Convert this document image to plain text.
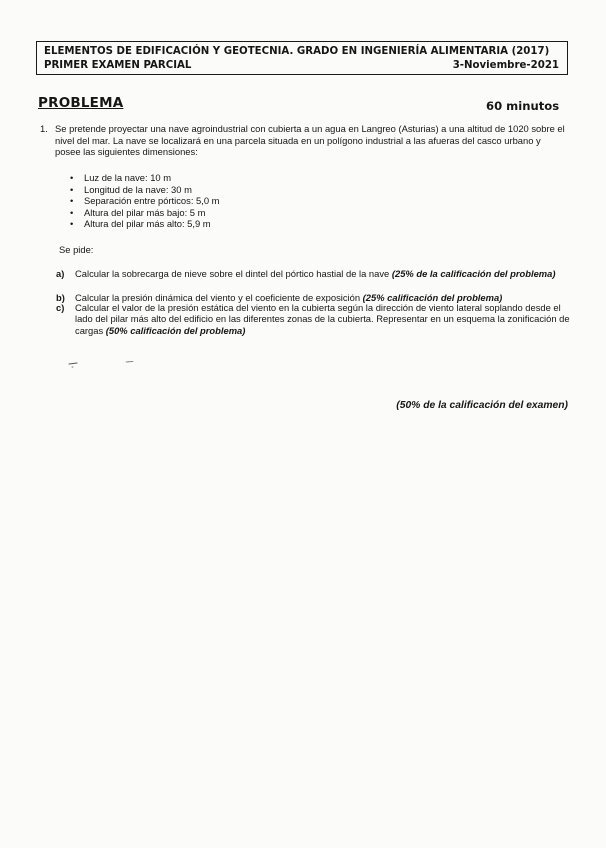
ELEMENTOS DE EDIFICACIÓN Y GEOTECNIA. GRADO EN INGENIERÍA ALIMENTARIA (2017)
PRIMER EXAMEN PARCIAL	3-Noviembre-2021
PROBLEMA	60 minutos
1. Se pretende proyectar una nave agroindustrial con cubierta a un agua en Langreo (Asturias) a una altitud de 1020 sobre el nivel del mar. La nave se localizará en una parcela situada en un polígono industrial a las afueras del casco urbano y posee las siguientes dimensiones:
• Luz de la nave: 10 m
• Longitud de la nave: 30 m
• Separación entre pórticos: 5,0 m
• Altura del pilar más bajo: 5 m
• Altura del pilar más alto: 5,9 m
Se pide:
a) Calcular la sobrecarga de nieve sobre el dintel del pórtico hastial de la nave (25% de la calificación del problema)
b) Calcular la presión dinámica del viento y el coeficiente de exposición (25% calificación del problema)
c) Calcular el valor de la presión estática del viento en la cubierta según la dirección de viento lateral soplando desde el lado del pilar más alto del edificio en las diferentes zonas de la cubierta. Representar en un esquema la zonificación de cargas (50% calificación del problema)
(50% de la calificación del examen)
